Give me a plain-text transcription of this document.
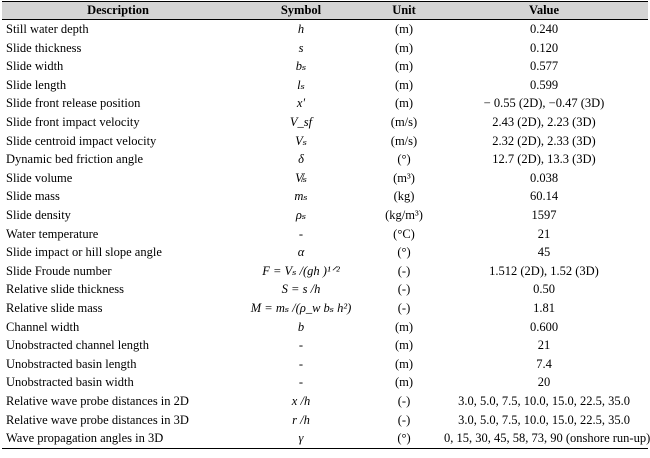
Description	Symbol	Unit	Value
Still water depth	h	(m)	0.240
Slide thickness	s	(m)	0.120
Slide width	bₛ	(m)	0.577
Slide length	lₛ	(m)	0.599
Slide front release position	x'	(m)	− 0.55 (2D), −0.47 (3D)
Slide front impact velocity	V_sf	(m/s)	2.43 (2D), 2.23 (3D)
Slide centroid impact velocity	Vₛ	(m/s)	2.32 (2D), 2.33 (3D)
Dynamic bed friction angle	δ	(°)	12.7 (2D), 13.3 (3D)
Slide volume	V̸ₛ	(m³)	0.038
Slide mass	mₛ	(kg)	60.14
Slide density	ρₛ	(kg/m³)	1597
Water temperature	-	(°C)	21
Slide impact or hill slope angle	α	(°)	45
Slide Froude number	F = Vₛ /(gh )¹ᐟ²	(-)	1.512 (2D), 1.52 (3D)
Relative slide thickness	S = s /h	(-)	0.50
Relative slide mass	M = mₛ /(ρ_w bₛ h²)	(-)	1.81
Channel width	b	(m)	0.600
Unobstracted channel length	-	(m)	21
Unobstracted basin length	-	(m)	7.4
Unobstracted basin width	-	(m)	20
Relative wave probe distances in 2D	x /h	(-)	3.0, 5.0, 7.5, 10.0, 15.0, 22.5, 35.0
Relative wave probe distances in 3D	r /h	(-)	3.0, 5.0, 7.5, 10.0, 15.0, 22.5, 35.0
Wave propagation angles in 3D	γ	(°)	0, 15, 30, 45, 58, 73, 90 (onshore run-up)
